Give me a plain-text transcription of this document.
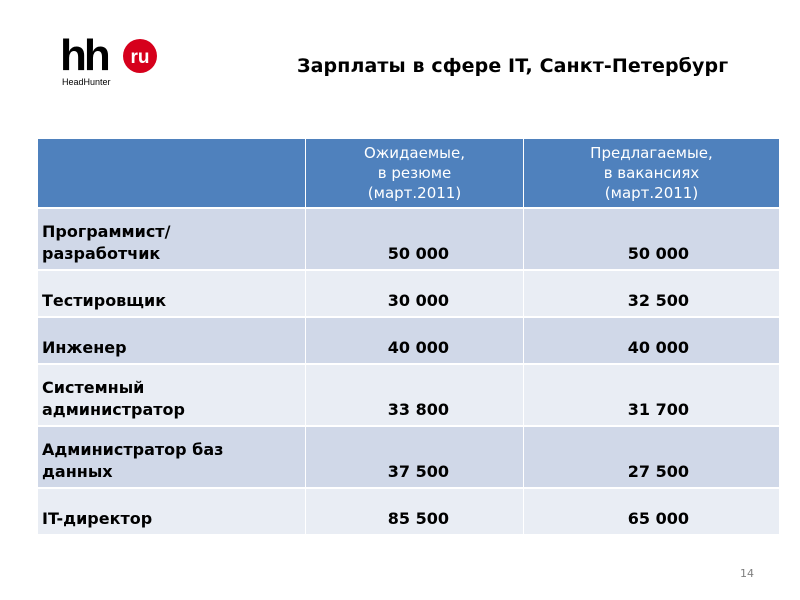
hh ru
HeadHunter
Зарплаты в сфере IT, Санкт-Петербург

	Ожидаемые,
в резюме
(март.2011)	Предлагаемые,
в вакансиях
(март.2011)

Программист/
разработчик	50 000	50 000

Тестировщик	30 000	32 500

Инженер	40 000	40 000

Системный
администратор	33 800	31 700

Администратор баз
данных	37 500	27 500

IT-директор	85 500	65 000
14
